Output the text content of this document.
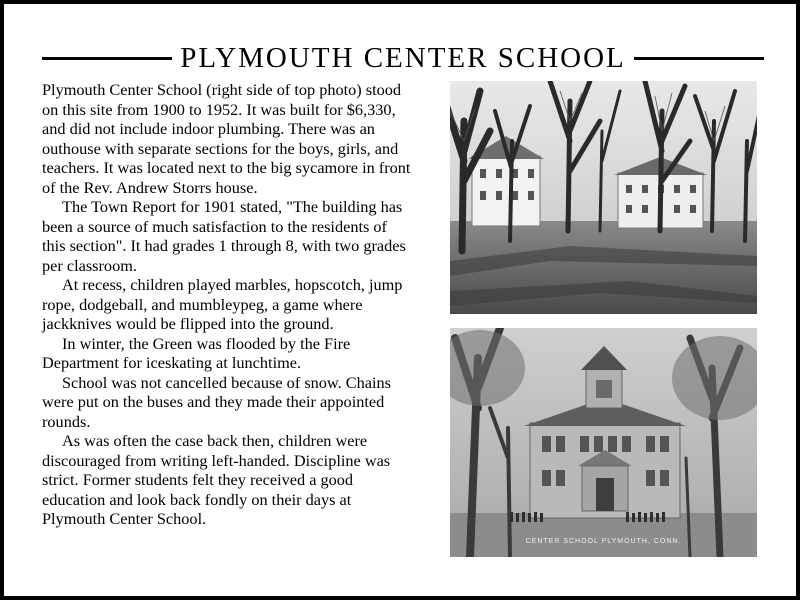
PLYMOUTH CENTER SCHOOL

Plymouth Center School (right side of top photo) stood on this site from 1900 to 1952. It was built for $6,330, and did not include indoor plumbing. There was an outhouse with separate sections for the boys, girls, and teachers. It was located next to the big sycamore in front of the Rev. Andrew Storrs house.

The Town Report for 1901 stated, "The building has been a source of much satisfaction to the residents of this section". It had grades 1 through 8, with two grades per classroom.

At recess, children played marbles, hopscotch, jump rope, dodgeball, and mumbleypeg, a game where jackknives would be flipped into the ground.

In winter, the Green was flooded by the Fire Department for iceskating at lunchtime.

School was not cancelled because of snow. Chains were put on the buses and they made their appointed rounds.

As was often the case back then, children were discouraged from writing left-handed. Discipline was strict. Former students felt they received a good education and look back fondly on their days at Plymouth Center School.

CENTER SCHOOL PLYMOUTH, CONN.
